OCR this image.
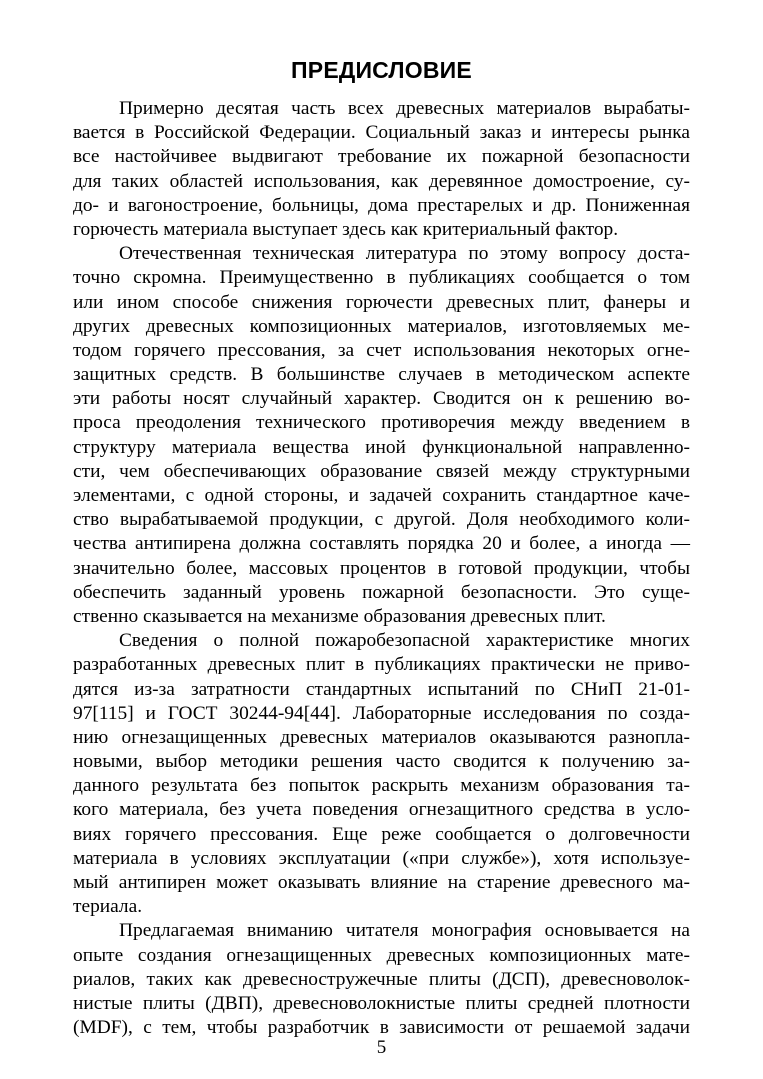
ПРЕДИСЛОВИЕ
Примерно десятая часть всех древесных материалов вырабаты-
вается в Российской Федерации. Социальный заказ и интересы рынка
все настойчивее выдвигают требование их пожарной безопасности
для таких областей использования, как деревянное домостроение, су-
до- и вагоностроение, больницы, дома престарелых и др. Пониженная
горючесть материала выступает здесь как критериальный фактор.
Отечественная техническая литература по этому вопросу доста-
точно скромна. Преимущественно в публикациях сообщается о том
или ином способе снижения горючести древесных плит, фанеры и
других древесных композиционных материалов, изготовляемых ме-
тодом горячего прессования, за счет использования некоторых огне-
защитных средств. В большинстве случаев в методическом аспекте
эти работы носят случайный характер. Сводится он к решению во-
проса преодоления технического противоречия между введением в
структуру материала вещества иной функциональной направленно-
сти, чем обеспечивающих образование связей между структурными
элементами, с одной стороны, и задачей сохранить стандартное каче-
ство вырабатываемой продукции, с другой. Доля необходимого коли-
чества антипирена должна составлять порядка 20 и более, а иногда —
значительно более, массовых процентов в готовой продукции, чтобы
обеспечить заданный уровень пожарной безопасности. Это суще-
ственно сказывается на механизме образования древесных плит.
Сведения о полной пожаробезопасной характеристике многих
разработанных древесных плит в публикациях практически не приво-
дятся из-за затратности стандартных испытаний по СНиП 21-01-
97[115] и ГОСТ 30244-94[44]. Лабораторные исследования по созда-
нию огнезащищенных древесных материалов оказываются разнопла-
новыми, выбор методики решения часто сводится к получению за-
данного результата без попыток раскрыть механизм образования та-
кого материала, без учета поведения огнезащитного средства в усло-
виях горячего прессования. Еще реже сообщается о долговечности
материала в условиях эксплуатации («при службе»), хотя используе-
мый антипирен может оказывать влияние на старение древесного ма-
териала.
Предлагаемая вниманию читателя монография основывается на
опыте создания огнезащищенных древесных композиционных мате-
риалов, таких как древесностружечные плиты (ДСП), древесноволок-
нистые плиты (ДВП), древесноволокнистые плиты средней плотности
(MDF), с тем, чтобы разработчик в зависимости от решаемой задачи
5
